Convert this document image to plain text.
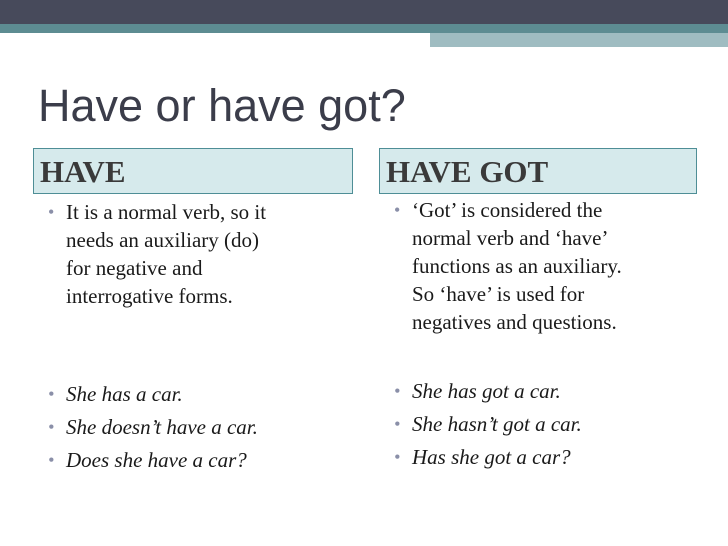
Have or have got?
HAVE	HAVE GOT
• It is a normal verb, so it
needs an auxiliary (do)
for negative and
interrogative forms.
• She has a car.
• She doesn’t have a car.
• Does she have a car?
• ‘Got’ is considered the
normal verb and ‘have’
functions as an auxiliary.
So ‘have’ is used for
negatives and questions.
• She has got a car.
• She hasn’t got a car.
• Has she got a car?
